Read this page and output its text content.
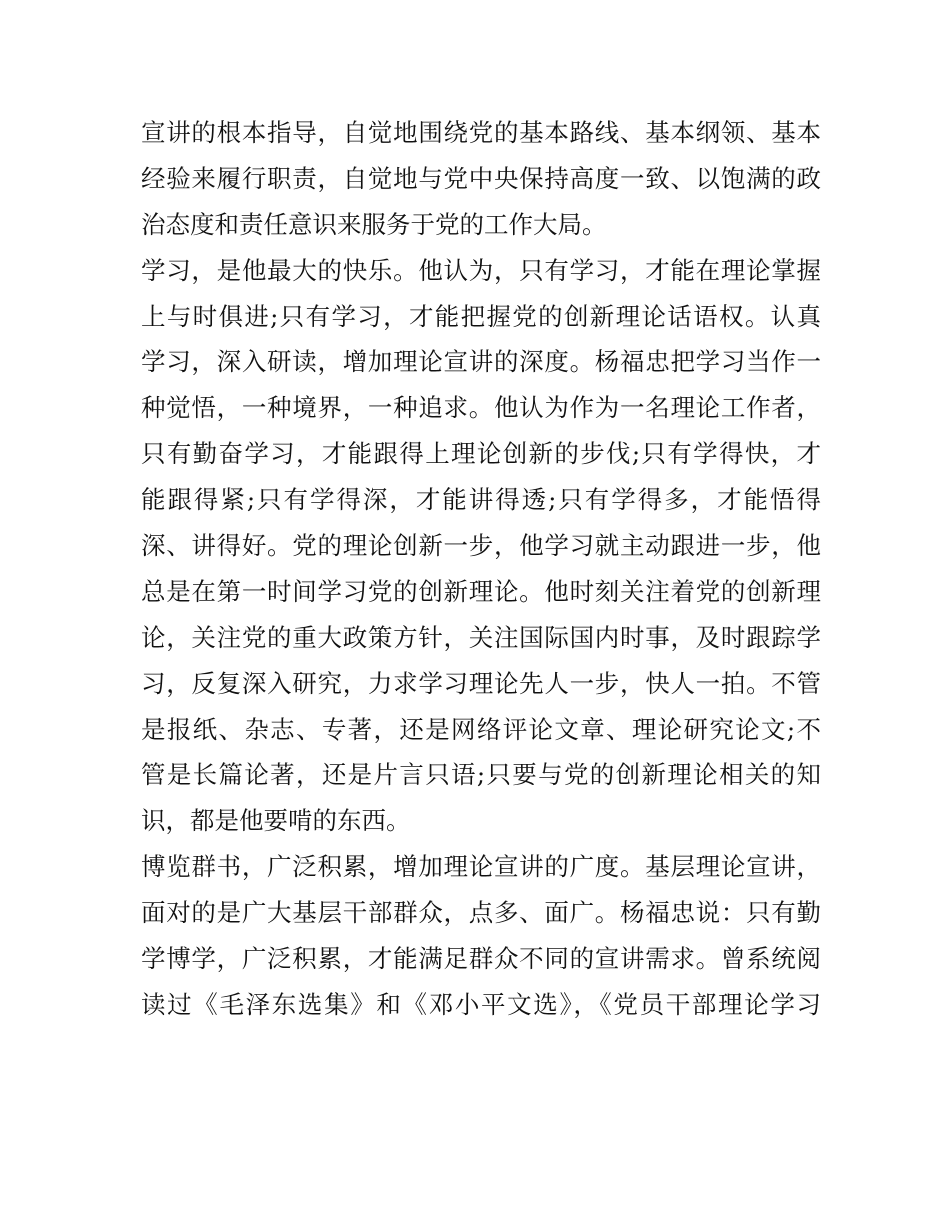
宣讲的根本指导，自觉地围绕党的基本路线、基本纲领、基本
经验来履行职责，自觉地与党中央保持高度一致、以饱满的政
治态度和责任意识来服务于党的工作大局。
学习，是他最大的快乐。他认为，只有学习，才能在理论掌握
上与时俱进;只有学习，才能把握党的创新理论话语权。认真
学习，深入研读，增加理论宣讲的深度。杨福忠把学习当作一
种觉悟，一种境界，一种追求。他认为作为一名理论工作者，
只有勤奋学习，才能跟得上理论创新的步伐;只有学得快，才
能跟得紧;只有学得深，才能讲得透;只有学得多，才能悟得
深、讲得好。党的理论创新一步，他学习就主动跟进一步，他
总是在第一时间学习党的创新理论。他时刻关注着党的创新理
论，关注党的重大政策方针，关注国际国内时事，及时跟踪学
习，反复深入研究，力求学习理论先人一步，快人一拍。不管
是报纸、杂志、专著，还是网络评论文章、理论研究论文;不
管是长篇论著，还是片言只语;只要与党的创新理论相关的知
识，都是他要啃的东西。
博览群书，广泛积累，增加理论宣讲的广度。基层理论宣讲，
面对的是广大基层干部群众，点多、面广。杨福忠说：只有勤
学博学，广泛积累，才能满足群众不同的宣讲需求。曾系统阅
读过《毛泽东选集》和《邓小平文选》，《党员干部理论学习
